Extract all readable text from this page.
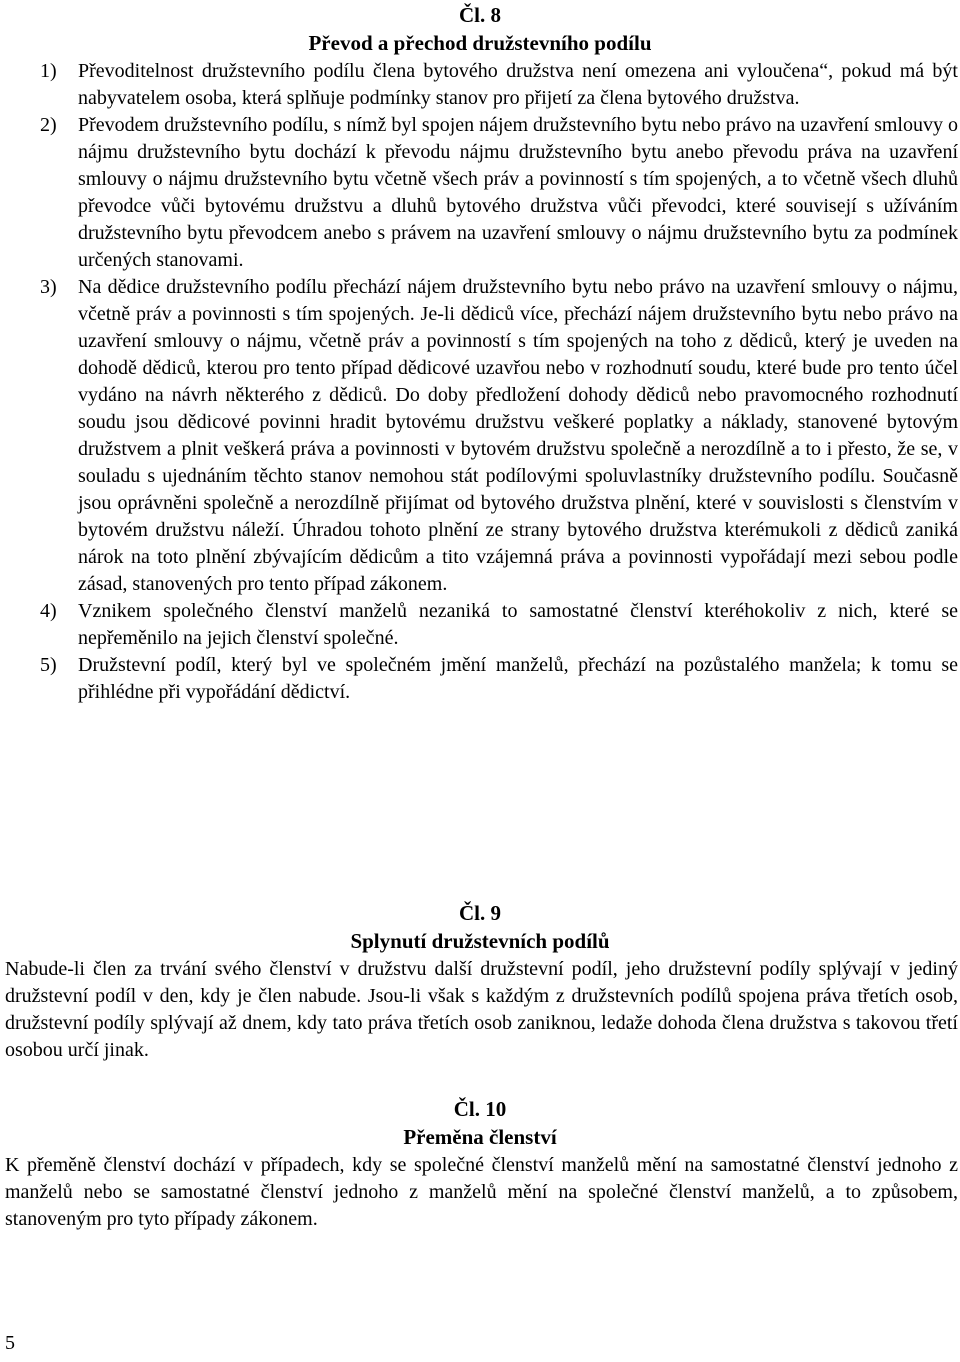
Čl. 8
Převod a přechod družstevního podílu
1) Převoditelnost družstevního podílu člena bytového družstva není omezena ani vyloučena“, pokud má být nabyvatelem osoba, která splňuje podmínky stanov pro přijetí za člena bytového družstva.
2) Převodem družstevního podílu, s nímž byl spojen nájem družstevního bytu nebo právo na uzavření smlouvy o nájmu družstevního bytu dochází k převodu nájmu družstevního bytu anebo převodu práva na uzavření smlouvy o nájmu družstevního bytu včetně všech práv a povinností s tím spojených, a to včetně všech dluhů převodce vůči bytovému družstvu a dluhů bytového družstva vůči převodci, které souvisejí s užíváním družstevního bytu převodcem anebo s právem na uzavření smlouvy o nájmu družstevního bytu za podmínek určených stanovami.
3) Na dědice družstevního podílu přechází nájem družstevního bytu nebo právo na uzavření smlouvy o nájmu, včetně práv a povinnosti s tím spojených. Je-li dědiců více, přechází nájem družstevního bytu nebo právo na uzavření smlouvy o nájmu, včetně práv a povinností s tím spojených na toho z dědiců, který je uveden na dohodě dědiců, kterou pro tento případ dědicové uzavřou nebo v rozhodnutí soudu, které bude pro tento účel vydáno na návrh některého z dědiců. Do doby předložení dohody dědiců nebo pravomocného rozhodnutí soudu jsou dědicové povinni hradit bytovému družstvu veškeré poplatky a náklady, stanovené bytovým družstvem a plnit veškerá práva a povinnosti v bytovém družstvu společně a nerozdílně a to i přesto, že se, v souladu s ujednáním těchto stanov nemohou stát podílovými spoluvlastníky družstevního podílu. Současně jsou oprávněni společně a nerozdílně přijímat od bytového družstva plnění, které v souvislosti s členstvím v bytovém družstvu náleží. Úhradou tohoto plnění ze strany bytového družstva kterémukoli z dědiců zaniká nárok na toto plnění zbývajícím dědicům a tito vzájemná práva a povinnosti vypořádají mezi sebou podle zásad, stanovených pro tento případ zákonem.
4) Vznikem společného členství manželů nezaniká to samostatné členství kteréhokoliv z nich, které se nepřeměnilo na jejich členství společné.
5) Družstevní podíl, který byl ve společném jmění manželů, přechází na pozůstalého manžela; k tomu se přihlédne při vypořádání dědictví.
Čl. 9
Splynutí družstevních podílů
Nabude-li člen za trvání svého členství v družstvu další družstevní podíl, jeho družstevní podíly splývají v jediný družstevní podíl v den, kdy je člen nabude. Jsou-li však s každým z družstevních podílů spojena práva třetích osob, družstevní podíly splývají až dnem, kdy tato práva třetích osob zaniknou, ledaže dohoda člena družstva s takovou třetí osobou určí jinak.
Čl. 10
Přeměna členství
K přeměně členství dochází v případech, kdy se společné členství manželů mění na samostatné členství jednoho z manželů nebo se samostatné členství jednoho z manželů mění na společné členství manželů, a to způsobem, stanoveným pro tyto případy zákonem.
5
